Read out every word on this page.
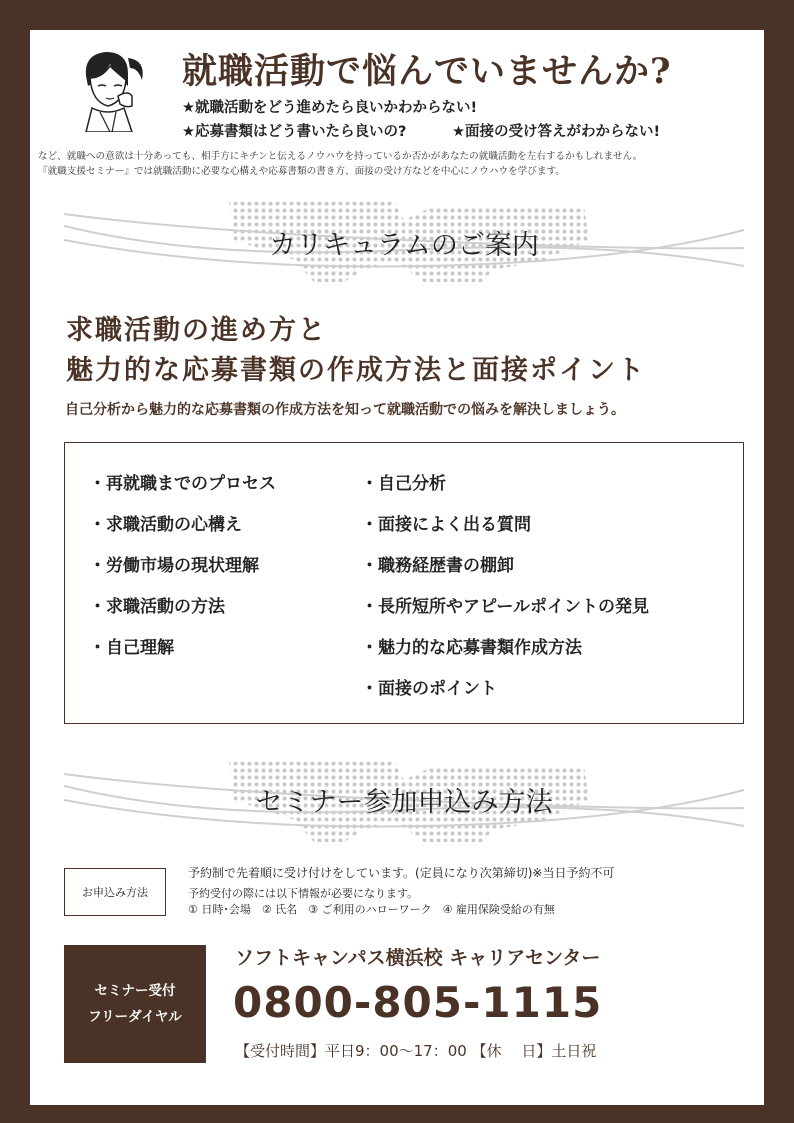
就職活動で悩んでいませんか?
★就職活動をどう進めたら良いかわからない!
★応募書類はどう書いたら良いの?	★面接の受け答えがわからない!
など、就職への意欲は十分あっても、相手方にキチンと伝えるノウハウを持っているか否かがあなたの就職活動を左右するかもしれません。
『就職支援セミナー』では就職活動に必要な心構えや応募書類の書き方、面接の受け方などを中心にノウハウを学びます。
カリキュラムのご案内
求職活動の進め方と
魅力的な応募書類の作成方法と面接ポイント
自己分析から魅力的な応募書類の作成方法を知って就職活動での悩みを解決しましょう。
・再就職までのプロセス
・求職活動の心構え
・労働市場の現状理解
・求職活動の方法
・自己理解
・自己分析
・面接によく出る質問
・職務経歴書の棚卸
・長所短所やアピールポイントの発見
・魅力的な応募書類作成方法
・面接のポイント
セミナー参加申込み方法
お申込み方法
予約制で先着順に受け付けをしています。(定員になり次第締切)※当日予約不可
予約受付の際には以下情報が必要になります。
① 日時･会場　② 氏名　③ ご利用のハローワーク　④ 雇用保険受給の有無
セミナー受付
フリーダイヤル
ソフトキャンパス横浜校 キャリアセンター
0800-805-1115
【受付時間】平日9：00～17：00 【休　 日】土日祝
